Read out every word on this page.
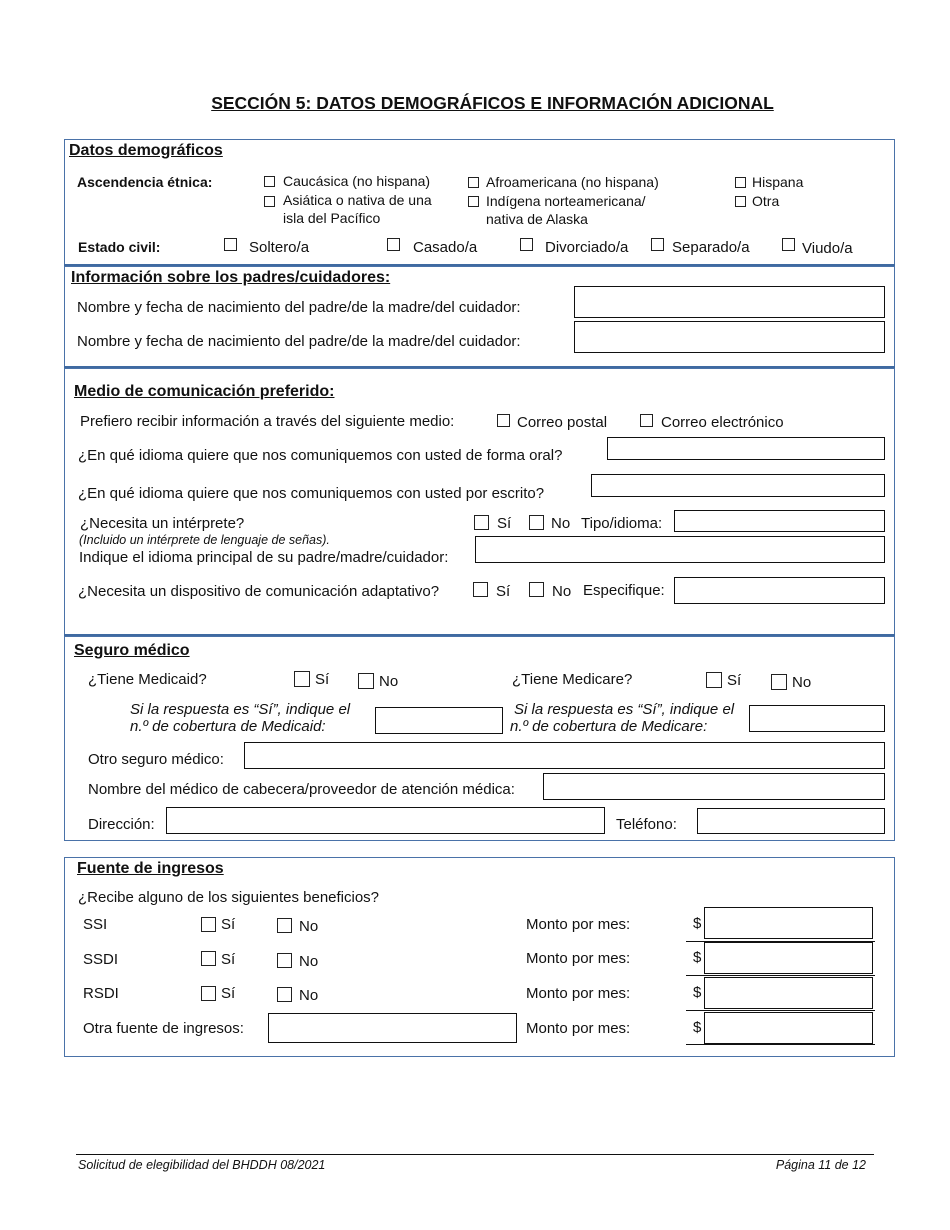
SECCIÓN 5: DATOS DEMOGRÁFICOS E INFORMACIÓN ADICIONAL
Datos demográficos
Ascendencia étnica:	Caucásica (no hispana)
Asiática o nativa de una
isla del Pacífico
Afroamericana (no hispana)
Indígena norteamericana/
nativa de Alaska
Hispana
Otra
Estado civil:	Soltero/a	Casado/a	Divorciado/a	Separado/a	Viudo/a
Información sobre los padres/cuidadores:
Nombre y fecha de nacimiento del padre/de la madre/del cuidador:
Nombre y fecha de nacimiento del padre/de la madre/del cuidador:
Medio de comunicación preferido:
Prefiero recibir información a través del siguiente medio:	Correo postal	Correo electrónico
¿En qué idioma quiere que nos comuniquemos con usted de forma oral?
¿En qué idioma quiere que nos comuniquemos con usted por escrito?
¿Necesita un intérprete?	Sí	No Tipo/idioma:
(Incluido un intérprete de lenguaje de señas).
Indique el idioma principal de su padre/madre/cuidador:
¿Necesita un dispositivo de comunicación adaptativo?	Sí	No Especifique:
Seguro médico
¿Tiene Medicaid?	Sí	No	¿Tiene Medicare?	Sí	No
Si la respuesta es “Sí”, indique el
n.º de cobertura de Medicaid:
Si la respuesta es “Sí”, indique el
n.º de cobertura de Medicare:
Otro seguro médico:
Nombre del médico de cabecera/proveedor de atención médica:
Dirección:	Teléfono:
Fuente de ingresos
¿Recibe alguno de los siguientes beneficios?
SSI	Sí	No	Monto por mes:	$
SSDI	Sí	No	Monto por mes:	$
RSDI	Sí	No	Monto por mes:	$
Otra fuente de ingresos:	Monto por mes:	$
Solicitud de elegibilidad del BHDDH 08/2021	Página 11 de 12
